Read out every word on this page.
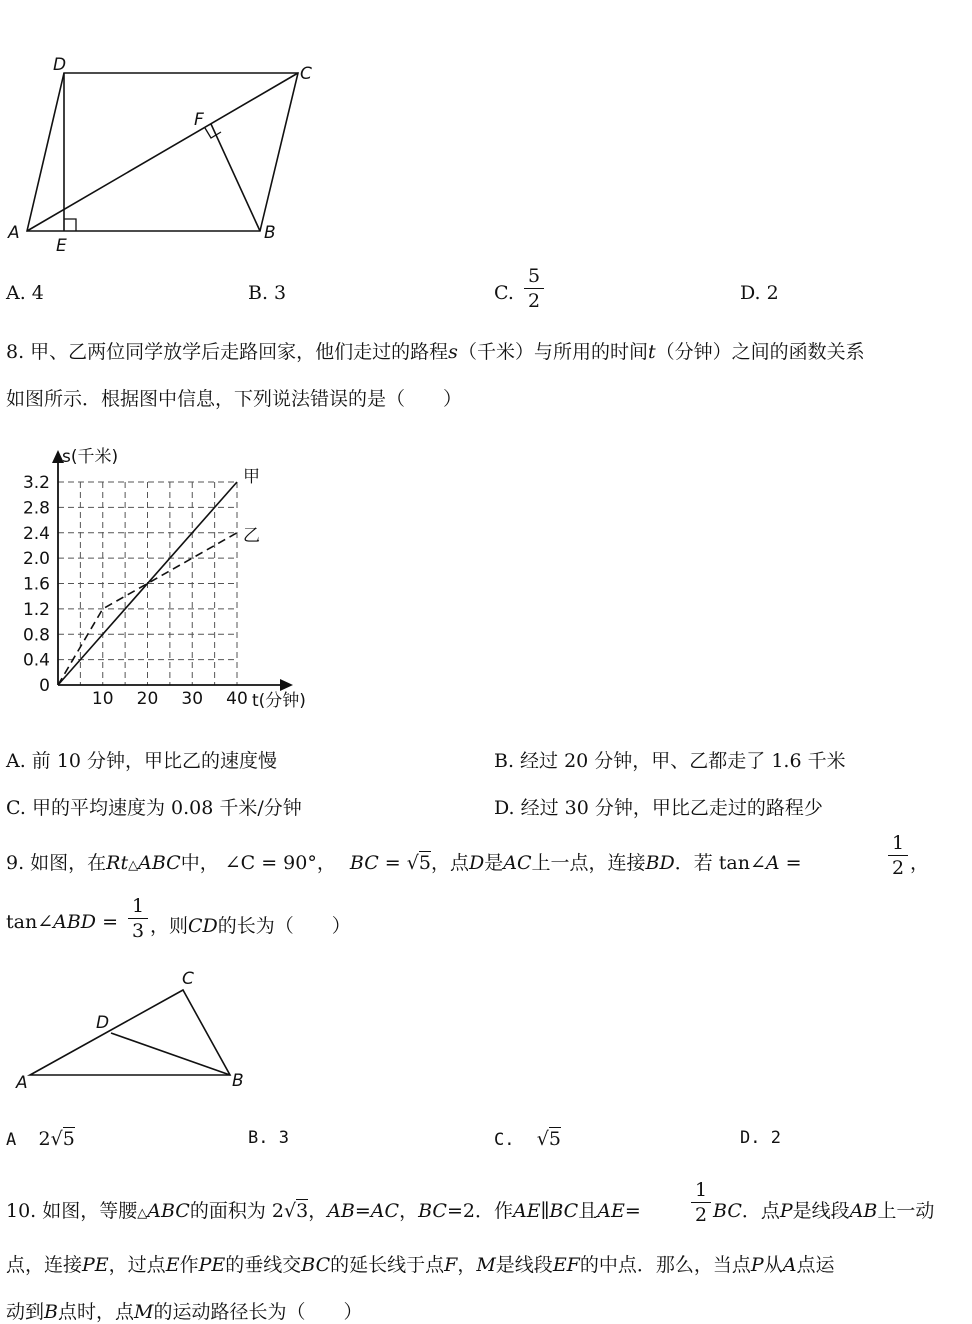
D	C
F
A
E
B
A. 4	B. 3	C.
5
2	D. 2
8. 甲、乙两位同学放学后走路回家，他们走过的路程s（千米）与所用的时间t（分钟）之间的函数关系
如图所示．根据图中信息，下列说法错误的是（　　）
3.2
2.8
2.4
2.0
1.6
1.2
0.8
0.4
10 20 30 40
0
s(千米)
t(分钟)
甲
乙
A. 前 10 分钟，甲比乙的速度慢	B. 经过 20 分钟，甲、乙都走了 1.6 千米
C. 甲的平均速度为 0.08 千米/分钟	D. 经过 30 分钟，甲比乙走过的路程少
9. 如图，在Rt△ABC中， ∠C = 90°， BC = √5，点D是AC上一点，连接BD．若 tan∠A =
1
2 ，
tan∠ABD =
1
3 ，则CD的长为（　　）
C
D
A	B
A 2√5	B. 3	C. √5	D. 2
10. 如图，等腰△ABC的面积为 2√3，AB=AC，BC=2．作AE∥BC且AE=
1
2 BC．点P是线段AB上一动
点，连接PE，过点E作PE的垂线交BC的延长线于点F，M是线段EF的中点．那么，当点P从A点运
动到B点时，点M的运动路径长为（　　）
